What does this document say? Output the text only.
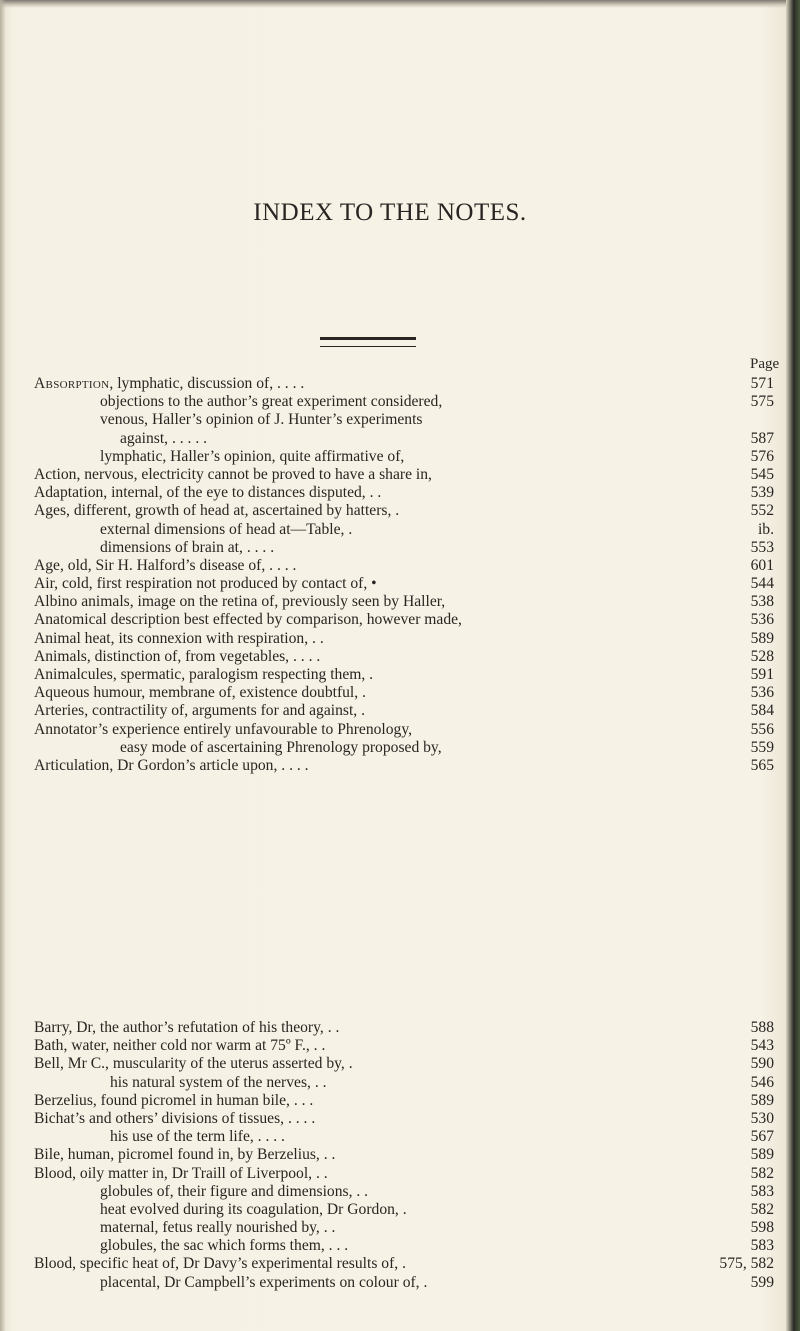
INDEX TO THE NOTES.
Page
Absorption, lymphatic, discussion of, . . . .	571
objections to the author’s great experiment considered,	575
venous, Haller’s opinion of J. Hunter’s experiments
against, . . . . .	587
lymphatic, Haller’s opinion, quite affirmative of,	576
Action, nervous, electricity cannot be proved to have a share in,	545
Adaptation, internal, of the eye to distances disputed, . .	539
Ages, different, growth of head at, ascertained by hatters, .	552
external dimensions of head at—Table, .	ib.
dimensions of brain at, . . . .	553
Age, old, Sir H. Halford’s disease of, . . . .	601
Air, cold, first respiration not produced by contact of, •	544
Albino animals, image on the retina of, previously seen by Haller,	538
Anatomical description best effected by comparison, however made,	536
Animal heat, its connexion with respiration, . .	589
Animals, distinction of, from vegetables, . . . .	528
Animalcules, spermatic, paralogism respecting them, .	591
Aqueous humour, membrane of, existence doubtful, .	536
Arteries, contractility of, arguments for and against, .	584
Annotator’s experience entirely unfavourable to Phrenology,	556
easy mode of ascertaining Phrenology proposed by,	559
Articulation, Dr Gordon’s article upon, . . . .	565
Barry, Dr, the author’s refutation of his theory, . .	588
Bath, water, neither cold nor warm at 75º F., . .	543
Bell, Mr C., muscularity of the uterus asserted by, .	590
his natural system of the nerves, . .	546
Berzelius, found picromel in human bile, . . .	589
Bichat’s and others’ divisions of tissues, . . . .	530
his use of the term life, . . . .	567
Bile, human, picromel found in, by Berzelius, . .	589
Blood, oily matter in, Dr Traill of Liverpool, . .	582
globules of, their figure and dimensions, . .	583
heat evolved during its coagulation, Dr Gordon, .	582
maternal, fetus really nourished by, . .	598
globules, the sac which forms them, . . .	583
Blood, specific heat of, Dr Davy’s experimental results of, .	575, 582
placental, Dr Campbell’s experiments on colour of, .	599
